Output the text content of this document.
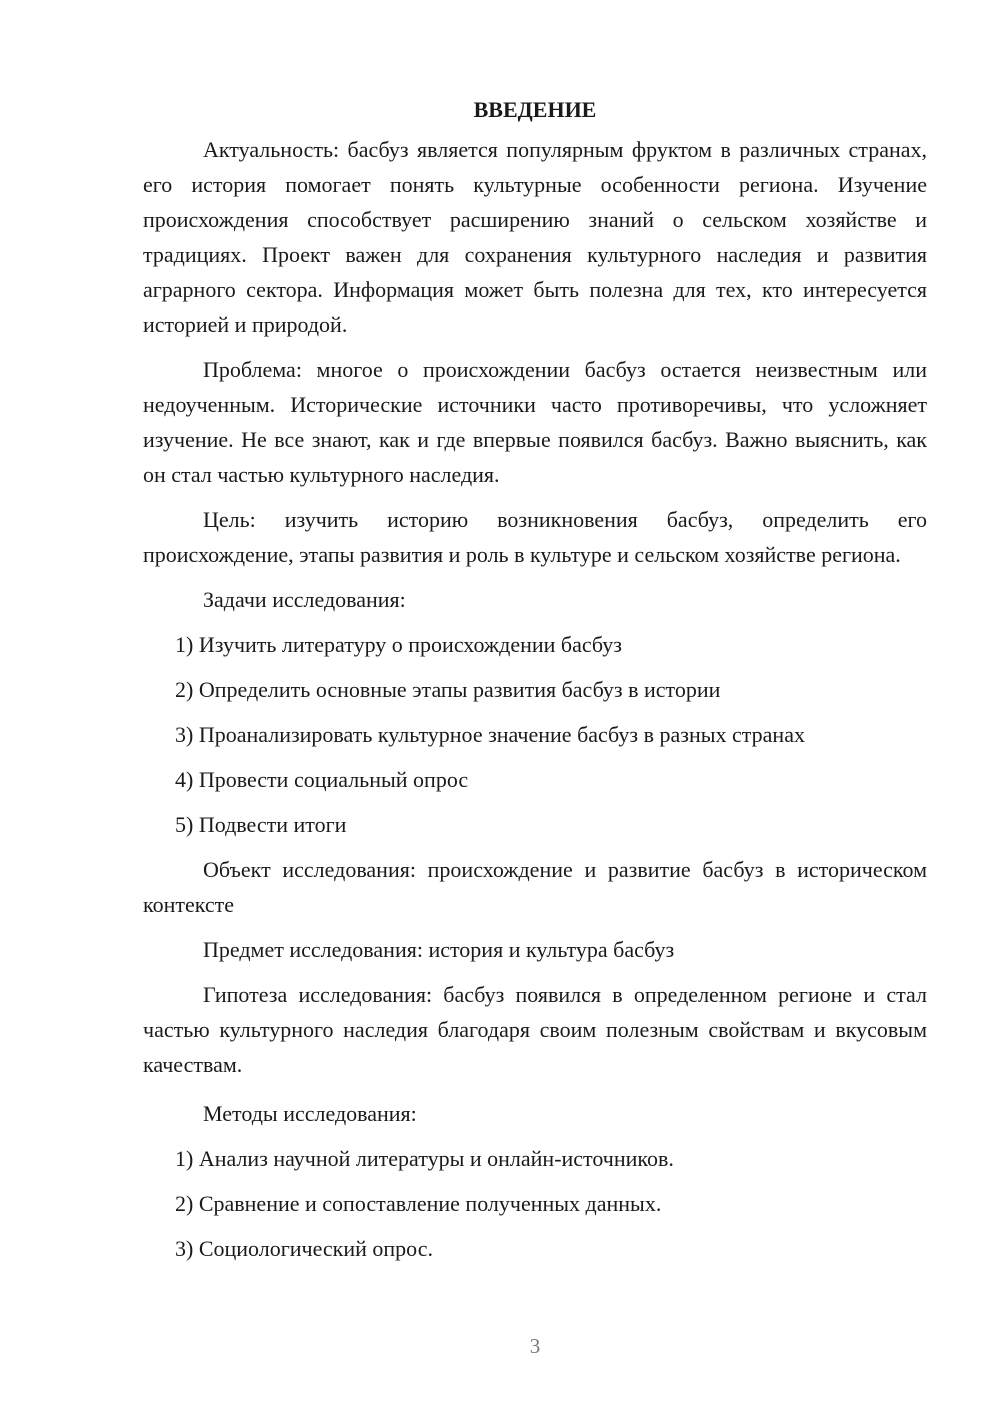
ВВЕДЕНИЕ

Актуальность: басбуз является популярным фруктом в различных странах, его история помогает понять культурные особенности региона. Изучение происхождения способствует расширению знаний о сельском хозяйстве и традициях. Проект важен для сохранения культурного наследия и развития аграрного сектора. Информация может быть полезна для тех, кто интересуется историей и природой.

Проблема: многое о происхождении басбуз остается неизвестным или недоученным. Исторические источники часто противоречивы, что усложняет изучение. Не все знают, как и где впервые появился басбуз. Важно выяснить, как он стал частью культурного наследия.

Цель: изучить историю возникновения басбуз, определить его происхождение, этапы развития и роль в культуре и сельском хозяйстве региона.

Задачи исследования:

1) Изучить литературу о происхождении басбуз

2) Определить основные этапы развития басбуз в истории

3) Проанализировать культурное значение басбуз в разных странах

4) Провести социальный опрос

5) Подвести итоги

Объект исследования: происхождение и развитие басбуз в историческом контексте

Предмет исследования: история и культура басбуз

Гипотеза исследования: басбуз появился в определенном регионе и стал частью культурного наследия благодаря своим полезным свойствам и вкусовым качествам.

Методы исследования:

1) Анализ научной литературы и онлайн-источников.

2) Сравнение и сопоставление полученных данных.

3) Социологический опрос.

3
